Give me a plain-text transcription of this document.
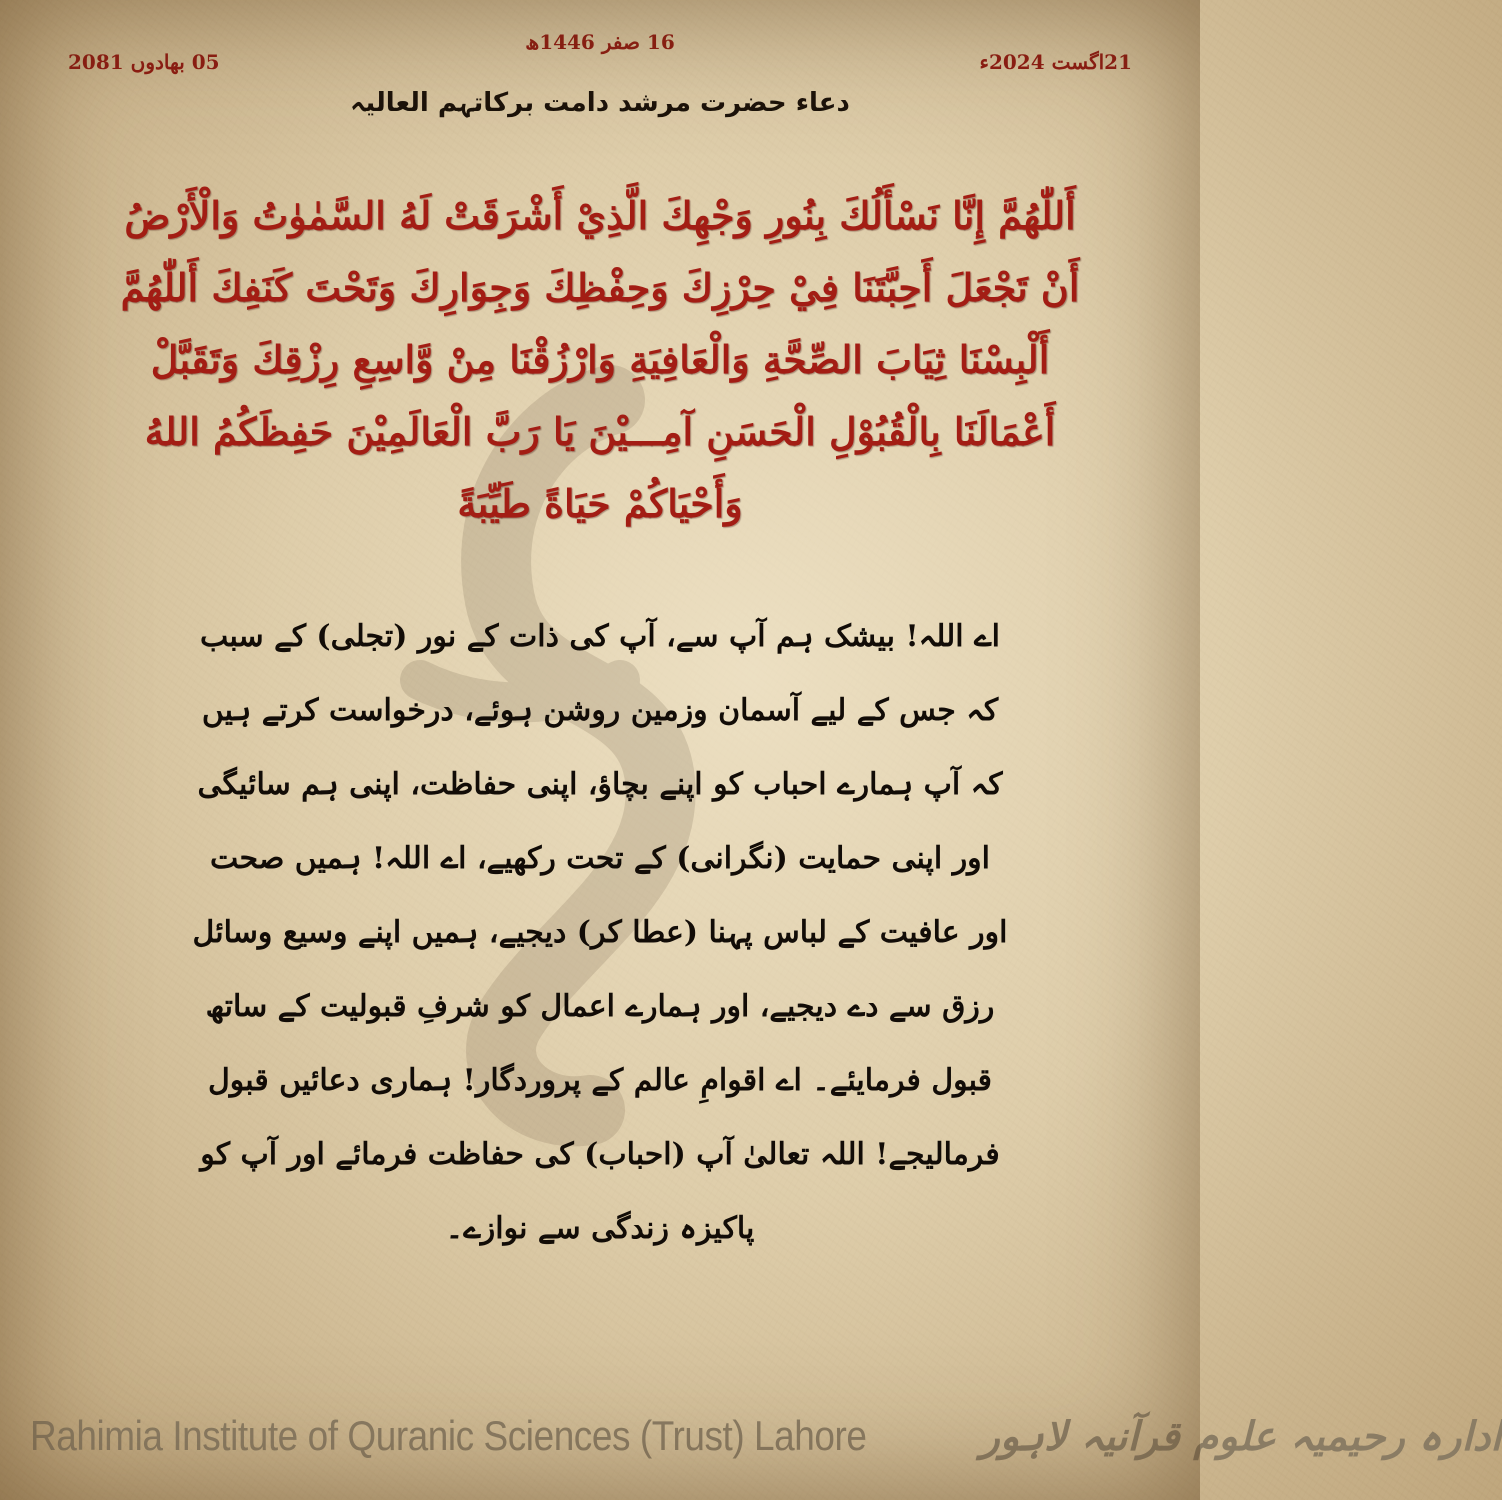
16 صفر 1446ھ
21اگست 2024ء
05 بھادوں 2081
دعاء حضرت مرشد دامت برکاتہم العالیہ
أَللّٰهُمَّ إِنَّا نَسْأَلُكَ بِنُورِ وَجْهِكَ الَّذِيْ أَشْرَقَتْ لَهُ السَّمٰوٰتُ وَالْأَرْضُ أَنْ تَجْعَلَ أَحِبَّتَنَا فِيْ حِرْزِكَ وَحِفْظِكَ وَجِوَارِكَ وَتَحْتَ كَنَفِكَ أَللّٰهُمَّ أَلْبِسْنَا ثِيَابَ الصِّحَّةِ وَالْعَافِيَةِ وَارْزُقْنَا مِنْ وَّاسِعِ رِزْقِكَ وَتَقَبَّلْ أَعْمَالَنَا بِالْقُبُوْلِ الْحَسَنِ آمِـــيْنَ يَا رَبَّ الْعَالَمِيْنَ حَفِظَكُمُ اللهُ وَأَحْيَاكُمْ حَيَاةً طَيِّبَةً
اے اللہ! بیشک ہم آپ سے، آپ کی ذات کے نور (تجلی) کے سبب کہ جس کے لیے آسمان وزمین روشن ہوئے، درخواست کرتے ہیں کہ آپ ہمارے احباب کو اپنے بچاؤ، اپنی حفاظت، اپنی ہم سائیگی اور اپنی حمایت (نگرانی) کے تحت رکھیے، اے اللہ! ہمیں صحت اور عافیت کے لباس پہنا (عطا کر) دیجیے، ہمیں اپنے وسیع وسائل رزق سے دے دیجیے، اور ہمارے اعمال کو شرفِ قبولیت کے ساتھ قبول فرمایئے۔ اے اقوامِ عالم کے پروردگار! ہماری دعائیں قبول فرمالیجے! اللہ تعالیٰ آپ (احباب) کی حفاظت فرمائے اور آپ کو پاکیزہ زندگی سے نوازے۔
Rahimia Institute of Quranic Sciences (Trust) Lahore	ادارہ رحیمیہ علوم قرآنیہ لاہور
